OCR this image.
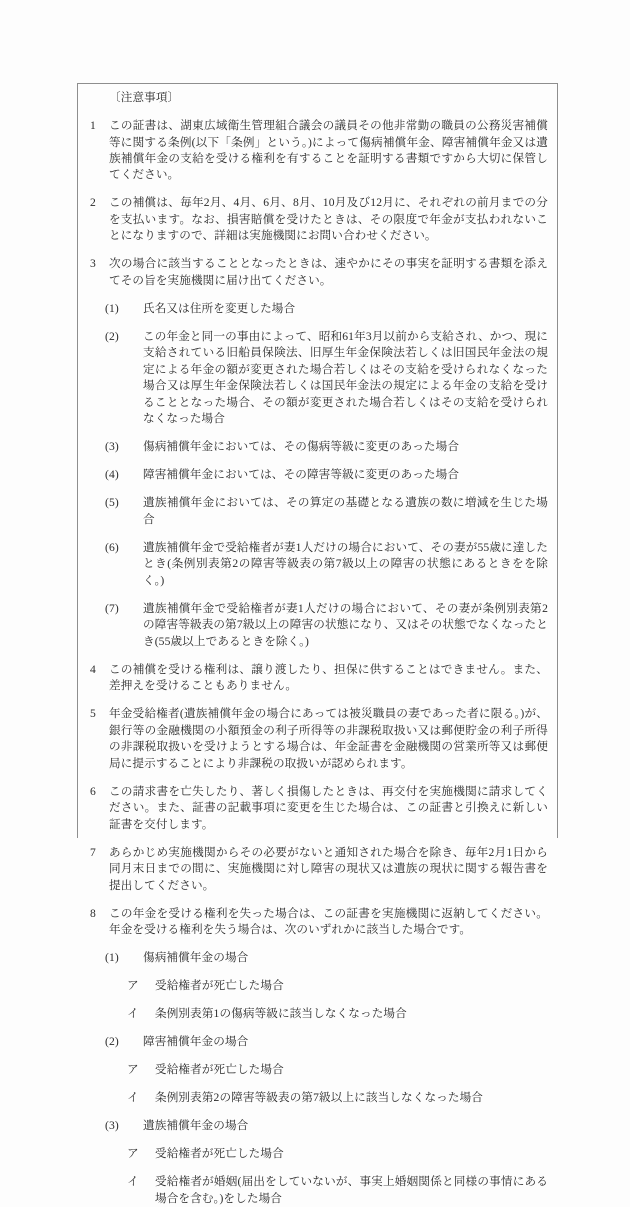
〔注意事項〕

1	この証書は、湖東広域衛生管理組合議会の議員その他非常勤の職員の公務災害補償等に関する条例(以下「条例」という。)によって傷病補償年金、障害補償年金又は遺族補償年金の支給を受ける権利を有することを証明する書類ですから大切に保管してください。

2	この補償は、毎年2月、4月、6月、8月、10月及び12月に、それぞれの前月までの分を支払います。なお、損害賠償を受けたときは、その限度で年金が支払われないことになりますので、詳細は実施機関にお問い合わせください。

3	次の場合に該当することとなったときは、速やかにその事実を証明する書類を添えてその旨を実施機関に届け出てください。

(1)	氏名又は住所を変更した場合

(2)	この年金と同一の事由によって、昭和61年3月以前から支給され、かつ、現に支給されている旧船員保険法、旧厚生年金保険法若しくは旧国民年金法の規定による年金の額が変更された場合若しくはその支給を受けられなくなった場合又は厚生年金保険法若しくは国民年金法の規定による年金の支給を受けることとなった場合、その額が変更された場合若しくはその支給を受けられなくなった場合

(3)	傷病補償年金においては、その傷病等級に変更のあった場合

(4)	障害補償年金においては、その障害等級に変更のあった場合

(5)	遺族補償年金においては、その算定の基礎となる遺族の数に増減を生じた場合

(6)	遺族補償年金で受給権者が妻1人だけの場合において、その妻が55歳に達したとき(条例別表第2の障害等級表の第7級以上の障害の状態にあるときをを除く。)

(7)	遺族補償年金で受給権者が妻1人だけの場合において、その妻が条例別表第2の障害等級表の第7級以上の障害の状態になり、又はその状態でなくなったとき(55歳以上であるときを除く。)

4	この補償を受ける権利は、譲り渡したり、担保に供することはできません。また、差押えを受けることもありません。

5	年金受給権者(遺族補償年金の場合にあっては被災職員の妻であった者に限る。)が、銀行等の金融機関の小額預金の利子所得等の非課税取扱い又は郵便貯金の利子所得の非課税取扱いを受けようとする場合は、年金証書を金融機関の営業所等又は郵便局に提示することにより非課税の取扱いが認められます。

6	この請求書を亡失したり、著しく損傷したときは、再交付を実施機関に請求してください。また、証書の記載事項に変更を生じた場合は、この証書と引換えに新しい証書を交付します。

7	あらかじめ実施機関からその必要がないと通知された場合を除き、毎年2月1日から同月末日までの間に、実施機関に対し障害の現状又は遺族の現状に関する報告書を提出してください。

8	この年金を受ける権利を失った場合は、この証書を実施機関に返納してください。年金を受ける権利を失う場合は、次のいずれかに該当した場合です。

(1)	傷病補償年金の場合

ア	受給権者が死亡した場合

イ	条例別表第1の傷病等級に該当しなくなった場合

(2)	障害補償年金の場合

ア	受給権者が死亡した場合

イ	条例別表第2の障害等級表の第7級以上に該当しなくなった場合

(3)	遺族補償年金の場合

ア	受給権者が死亡した場合

イ	受給権者が婚姻(届出をしていないが、事実上婚姻関係と同様の事情にある場合を含む。)をした場合
